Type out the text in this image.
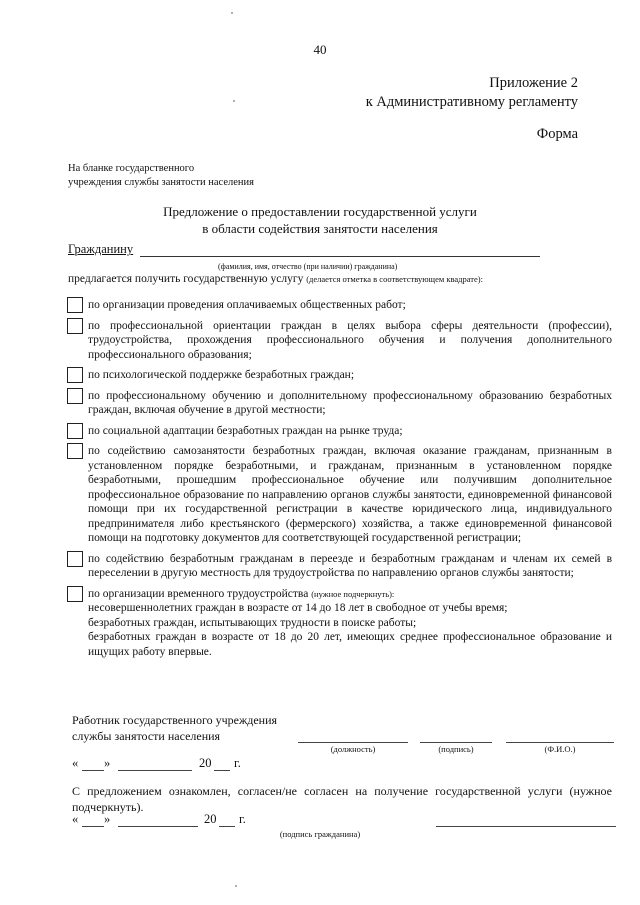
40
Приложение 2
к Административному регламенту
Форма
На бланке государственного
учреждения службы занятости населения
Предложение о предоставлении государственной услуги
в области содействия занятости населения
Гражданину
(фамилия, имя, отчество (при наличии) гражданина)
предлагается получить государственную услугу (делается отметка в соответствующем квадрате):
по организации проведения оплачиваемых общественных работ;
по профессиональной ориентации граждан в целях выбора сферы деятельности (профессии), трудоустройства, прохождения профессионального обучения и получения дополнительного профессионального образования;
по психологической поддержке безработных граждан;
по профессиональному обучению и дополнительному профессиональному образованию безработных граждан, включая обучение в другой местности;
по социальной адаптации безработных граждан на рынке труда;
по содействию самозанятости безработных граждан, включая оказание гражданам, признанным в установленном порядке безработными, и гражданам, признанным в установленном порядке безработными, прошедшим профессиональное обучение или получившим дополнительное профессиональное образование по направлению органов службы занятости, единовременной финансовой помощи при их государственной регистрации в качестве юридического лица, индивидуального предпринимателя либо крестьянского (фермерского) хозяйства, а также единовременной финансовой помощи на подготовку документов для соответствующей государственной регистрации;
по содействию безработным гражданам в переезде и безработным гражданам и членам их семей в переселении в другую местность для трудоустройства по направлению органов службы занятости;
по организации временного трудоустройства (нужное подчеркнуть):
несовершеннолетних граждан в возрасте от 14 до 18 лет в свободное от учебы время;
безработных граждан, испытывающих трудности в поиске работы;
безработных граждан в возрасте от 18 до 20 лет, имеющих среднее профессиональное образование и ищущих работу впервые.
Работник государственного учреждения
службы занятости населения
(должность)	(подпись)	(Ф.И.О.)
« »	20 г.
С предложением ознакомлен, согласен/не согласен на получение государственной услуги (нужное подчеркнуть).
« »	20 г.
(подпись гражданина)
